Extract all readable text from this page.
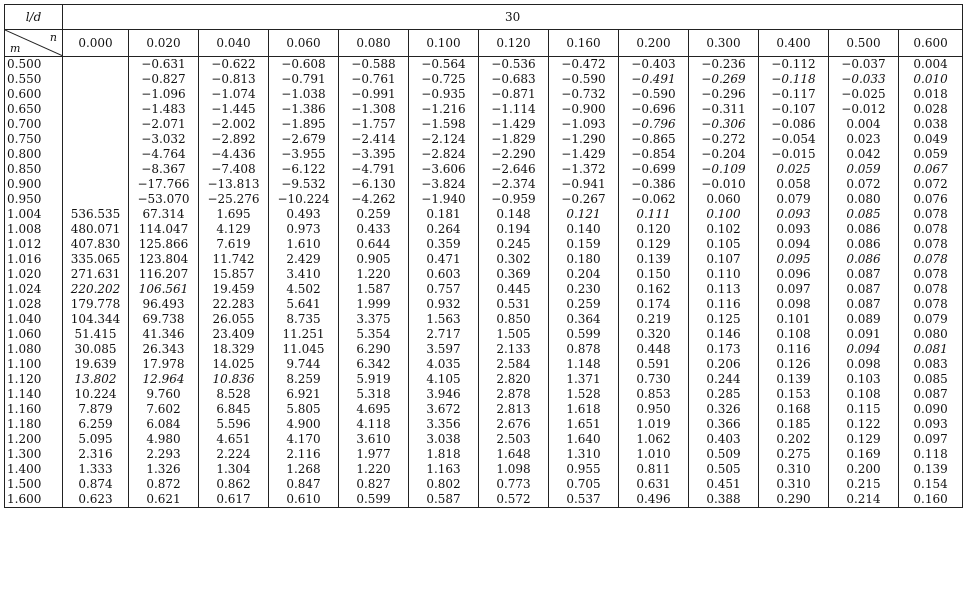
l/d	30												

n
m	0.000	0.020	0.040	0.060	0.080	0.100	0.120	0.160	0.200	0.300	0.400	0.500	0.600
0.500		−0.631	−0.622	−0.608	−0.588	−0.564	−0.536	−0.472	−0.403	−0.236	−0.112	−0.037	0.004
0.550		−0.827	−0.813	−0.791	−0.761	−0.725	−0.683	−0.590	−0.491	−0.269	−0.118	−0.033	0.010
0.600		−1.096	−1.074	−1.038	−0.991	−0.935	−0.871	−0.732	−0.590	−0.296	−0.117	−0.025	0.018
0.650		−1.483	−1.445	−1.386	−1.308	−1.216	−1.114	−0.900	−0.696	−0.311	−0.107	−0.012	0.028
0.700		−2.071	−2.002	−1.895	−1.757	−1.598	−1.429	−1.093	−0.796	−0.306	−0.086	0.004	0.038
0.750		−3.032	−2.892	−2.679	−2.414	−2.124	−1.829	−1.290	−0.865	−0.272	−0.054	0.023	0.049
0.800		−4.764	−4.436	−3.955	−3.395	−2.824	−2.290	−1.429	−0.854	−0.204	−0.015	0.042	0.059
0.850		−8.367	−7.408	−6.122	−4.791	−3.606	−2.646	−1.372	−0.699	−0.109	0.025	0.059	0.067
0.900		−17.766	−13.813	−9.532	−6.130	−3.824	−2.374	−0.941	−0.386	−0.010	0.058	0.072	0.072
0.950		−53.070	−25.276	−10.224	−4.262	−1.940	−0.959	−0.267	−0.062	0.060	0.079	0.080	0.076
1.004	536.535	67.314	1.695	0.493	0.259	0.181	0.148	0.121	0.111	0.100	0.093	0.085	0.078
1.008	480.071	114.047	4.129	0.973	0.433	0.264	0.194	0.140	0.120	0.102	0.093	0.086	0.078
1.012	407.830	125.866	7.619	1.610	0.644	0.359	0.245	0.159	0.129	0.105	0.094	0.086	0.078
1.016	335.065	123.804	11.742	2.429	0.905	0.471	0.302	0.180	0.139	0.107	0.095	0.086	0.078
1.020	271.631	116.207	15.857	3.410	1.220	0.603	0.369	0.204	0.150	0.110	0.096	0.087	0.078
1.024	220.202	106.561	19.459	4.502	1.587	0.757	0.445	0.230	0.162	0.113	0.097	0.087	0.078
1.028	179.778	96.493	22.283	5.641	1.999	0.932	0.531	0.259	0.174	0.116	0.098	0.087	0.078
1.040	104.344	69.738	26.055	8.735	3.375	1.563	0.850	0.364	0.219	0.125	0.101	0.089	0.079
1.060	51.415	41.346	23.409	11.251	5.354	2.717	1.505	0.599	0.320	0.146	0.108	0.091	0.080
1.080	30.085	26.343	18.329	11.045	6.290	3.597	2.133	0.878	0.448	0.173	0.116	0.094	0.081
1.100	19.639	17.978	14.025	9.744	6.342	4.035	2.584	1.148	0.591	0.206	0.126	0.098	0.083
1.120	13.802	12.964	10.836	8.259	5.919	4.105	2.820	1.371	0.730	0.244	0.139	0.103	0.085
1.140	10.224	9.760	8.528	6.921	5.318	3.946	2.878	1.528	0.853	0.285	0.153	0.108	0.087
1.160	7.879	7.602	6.845	5.805	4.695	3.672	2.813	1.618	0.950	0.326	0.168	0.115	0.090
1.180	6.259	6.084	5.596	4.900	4.118	3.356	2.676	1.651	1.019	0.366	0.185	0.122	0.093
1.200	5.095	4.980	4.651	4.170	3.610	3.038	2.503	1.640	1.062	0.403	0.202	0.129	0.097
1.300	2.316	2.293	2.224	2.116	1.977	1.818	1.648	1.310	1.010	0.509	0.275	0.169	0.118
1.400	1.333	1.326	1.304	1.268	1.220	1.163	1.098	0.955	0.811	0.505	0.310	0.200	0.139
1.500	0.874	0.872	0.862	0.847	0.827	0.802	0.773	0.705	0.631	0.451	0.310	0.215	0.154
1.600	0.623	0.621	0.617	0.610	0.599	0.587	0.572	0.537	0.496	0.388	0.290	0.214	0.160
